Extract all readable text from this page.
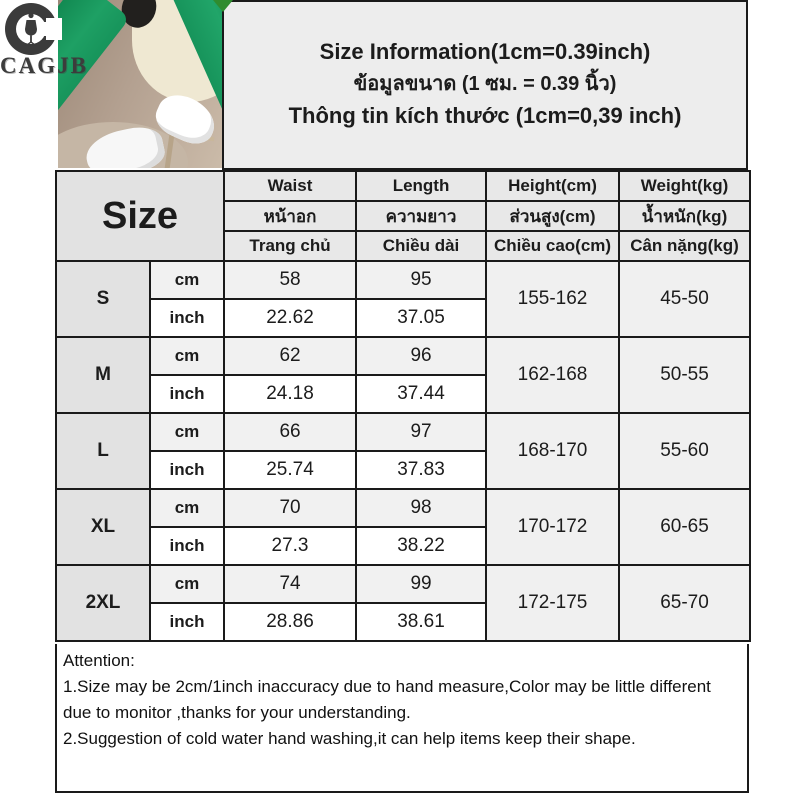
CAGJB
Size Information(1cm=0.39inch)
ข้อมูลขนาด (1 ซม. = 0.39 นิ้ว)
Thông tin kích thước (1cm=0,39 inch)
Size		Waist	Length	Height(cm)	Weight(kg)
		หน้าอก	ความยาว	ส่วนสูง(cm)	น้ำหนัก(kg)
		Trang chủ	Chiều dài	Chiều cao(cm)	Cân nặng(kg)
S	cm	58	95	155-162	45-50
	inch	22.62	37.05		
M	cm	62	96	162-168	50-55
	inch	24.18	37.44		
L	cm	66	97	168-170	55-60
	inch	25.74	37.83		
XL	cm	70	98	170-172	60-65
	inch	27.3	38.22		
2XL	cm	74	99	172-175	65-70
	inch	28.86	38.61		

Attention:

1.Size may be 2cm/1inch inaccuracy due to hand measure,Color may be little different due to monitor ,thanks for your understanding.

2.Suggestion of cold water hand washing,it can help items keep their shape.
